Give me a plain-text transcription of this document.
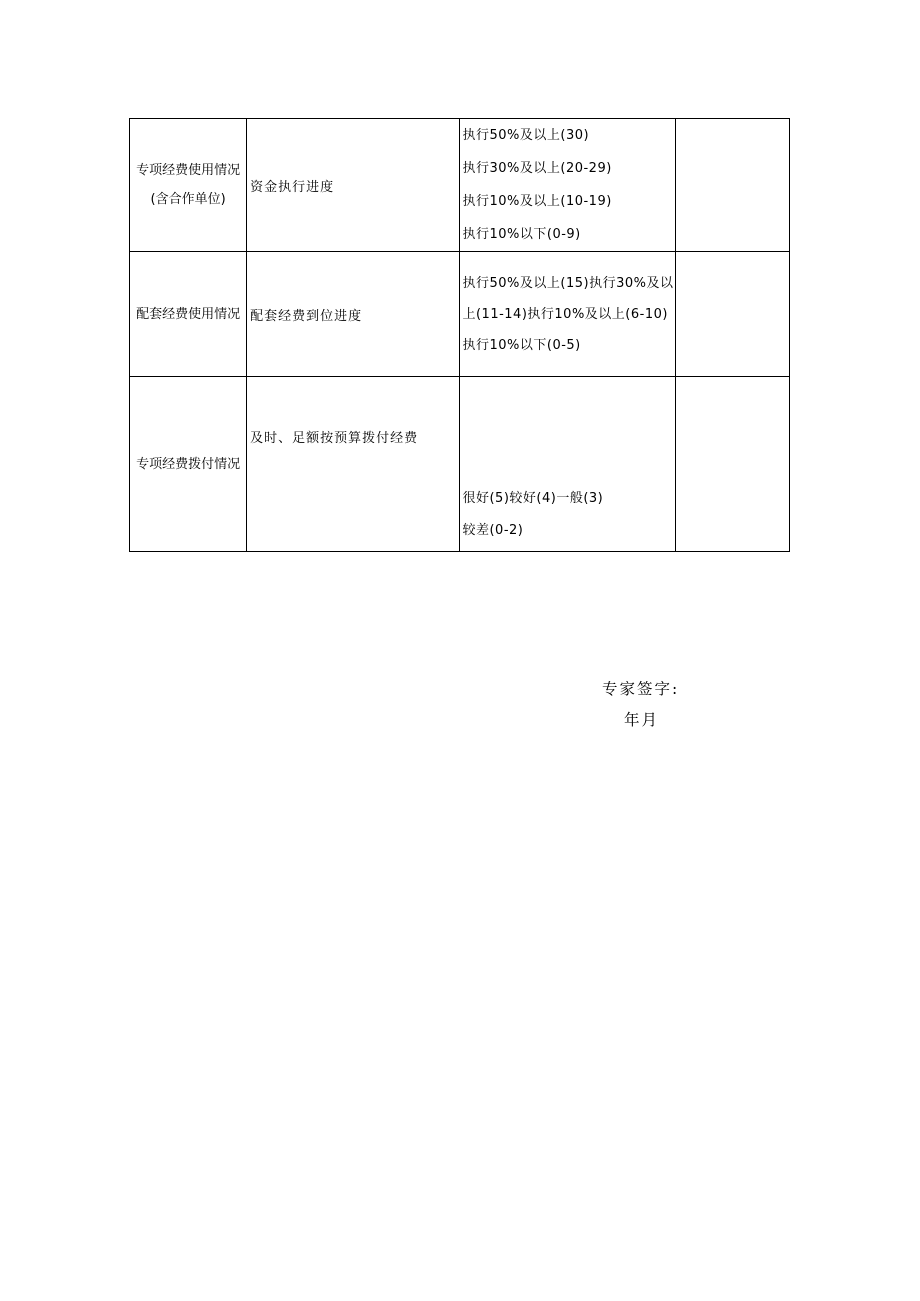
专项经费使用情况(含合作单位)	资金执行进度	执行50%及以上(30)
执行30%及以上(20-29)
执行10%及以上(10-19)
执行10%以下(0-9)	

配套经费使用情况	配套经费到位进度	执行50%及以上(15)执行30%及以上(11-14)执行10%及以上(6-10)执行10%以下(0-5)	
专项经费拨付情况	及时、足额按预算拨付经费	很好(5)较好(4)一般(3)
较差(0-2)	

专家签字:
年月
